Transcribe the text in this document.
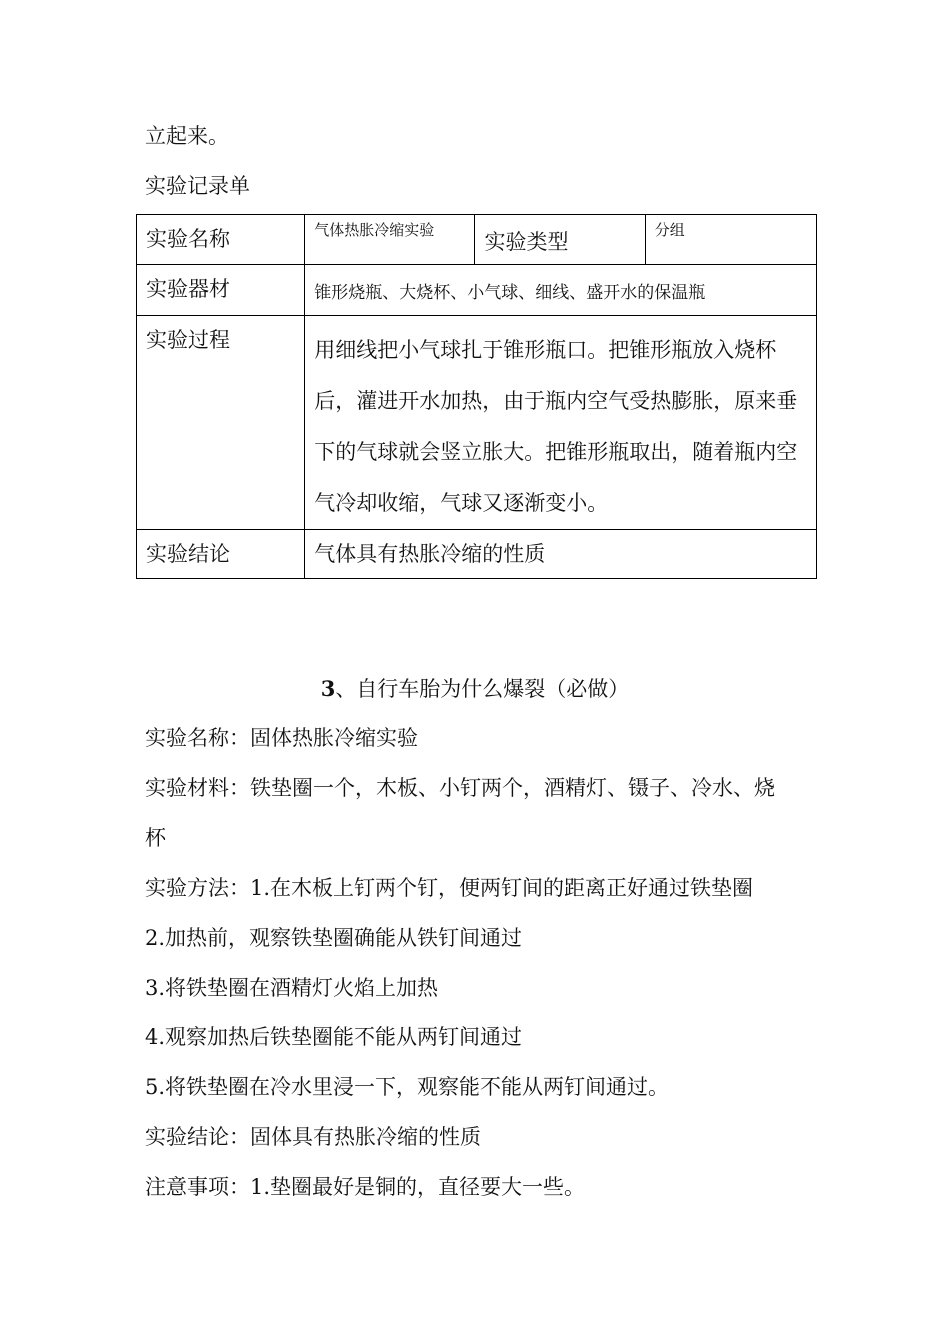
立起来。
实验记录单
实验名称	气体热胀冷缩实验	实验类型	分组
实验器材	锥形烧瓶、大烧杯、小气球、细线、盛开水的保温瓶		
实验过程	用细线把小气球扎于锥形瓶口。把锥形瓶放入烧杯后，灌进开水加热，由于瓶内空气受热膨胀，原来垂下的气球就会竖立胀大。把锥形瓶取出，随着瓶内空气冷却收缩，气球又逐渐变小。		
实验结论	气体具有热胀冷缩的性质		
3、自行车胎为什么爆裂（必做）
实验名称：固体热胀冷缩实验
实验材料：铁垫圈一个，木板、小钉两个，酒精灯、镊子、冷水、烧
杯
实验方法：1.在木板上钉两个钉，便两钉间的距离正好通过铁垫圈
2.加热前，观察铁垫圈确能从铁钉间通过
3.将铁垫圈在酒精灯火焰上加热
4.观察加热后铁垫圈能不能从两钉间通过
5.将铁垫圈在冷水里浸一下，观察能不能从两钉间通过。
实验结论：固体具有热胀冷缩的性质
注意事项：1.垫圈最好是铜的，直径要大一些。
